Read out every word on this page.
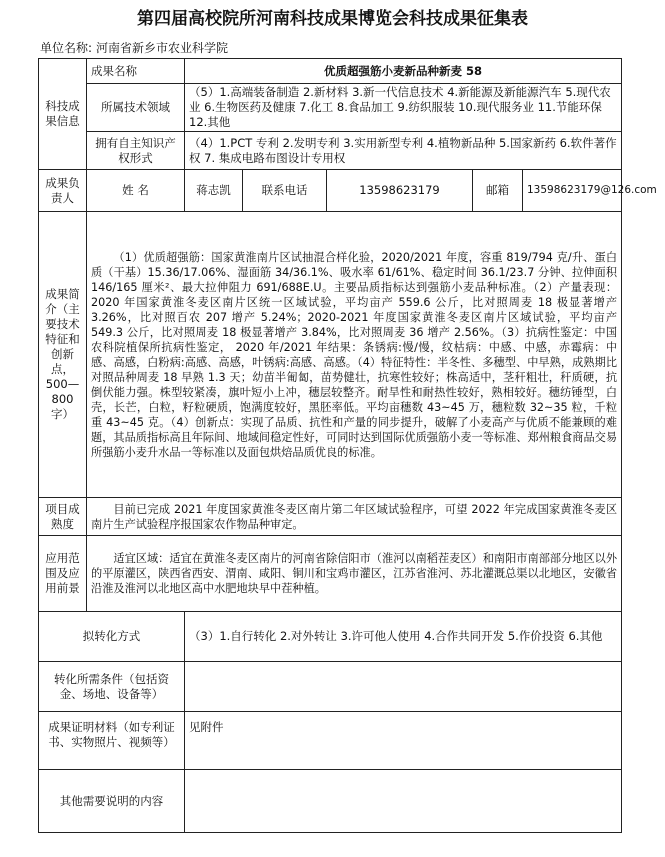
第四届高校院所河南科技成果博览会科技成果征集表
单位名称: 河南省新乡市农业科学院
科技成果信息	成果名称	优质超强筋小麦新品种新麦 58				
	所属技术领域	（5）1.高端装备制造 2.新材料 3.新一代信息技术 4.新能源及新能源汽车 5.现代农业 6.生物医药及健康 7.化工 8.食品加工 9.纺织服装 10.现代服务业 11.节能环保 12.其他				
	拥有自主知识产权形式	（4）1.PCT 专利 2.发明专利 3.实用新型专利 4.植物新品种 5.国家新药 6.软件著作权 7. 集成电路布图设计专用权				
成果负责人	姓 名	蒋志凯	联系电话	13598623179	邮箱	13598623179@126.com
成果简介（主要技术特征和创新点，500—800字）	（1）优质超强筋：国家黄淮南片区试抽混合样化验，2020/2021 年度，容重 819/794 克/升、蛋白质（干基）15.36/17.06%、湿面筋 34/36.1%、吸水率 61/61%、稳定时间 36.1/23.7 分钟、拉伸面积 146/165 厘米²、最大拉伸阻力 691/688E.U。主要品质指标达到强筋小麦品种标准。（2）产量表现：2020 年国家黄淮冬麦区南片区统一区域试验，平均亩产 559.6 公斤，比对照周麦 18 极显著增产 3.26%，比对照百农 207 增产 5.24%；2020-2021 年度国家黄淮冬麦区南片区域试验，平均亩产 549.3 公斤，比对照周麦 18 极显著增产 3.84%，比对照周麦 36 增产 2.56%。（3）抗病性鉴定：中国农科院植保所抗病性鉴定， 2020 年/2021 年结果：条锈病:慢/慢，纹枯病：中感、中感，赤霉病：中感、高感，白粉病:高感、高感，叶锈病:高感、高感。（4）特征特性：半冬性、多穗型、中早熟，成熟期比对照品种周麦 18 早熟 1.3 天；幼苗半匍匐，苗势健壮，抗寒性较好；株高适中，茎秆粗壮，秆质硬，抗倒伏能力强。株型较紧凑，旗叶短小上冲，穗层较整齐。耐旱性和耐热性较好，熟相较好。穗纺锤型，白壳，长芒，白粒，籽粒硬质，饱满度较好，黑胚率低。平均亩穗数 43~45 万，穗粒数 32~35 粒，千粒重 43~45 克。（4）创新点：实现了品质、抗性和产量的同步提升，破解了小麦高产与优质不能兼顾的难题，其品质指标高且年际间、地域间稳定性好，可同时达到国际优质强筋小麦一等标准、郑州粮食商品交易所强筋小麦升水品一等标准以及面包烘焙品质优良的标准。					
项目成熟度	目前已完成 2021 年度国家黄淮冬麦区南片第二年区域试验程序，可望 2022 年完成国家黄淮冬麦区南片生产试验程序报国家农作物品种审定。					
应用范围及应用前景	适宜区域：适宜在黄淮冬麦区南片的河南省除信阳市（淮河以南稻茬麦区）和南阳市南部部分地区以外的平原灌区，陕西省西安、渭南、咸阳、铜川和宝鸡市灌区，江苏省淮河、苏北灌溉总渠以北地区，安徽省沿淮及淮河以北地区高中水肥地块早中茬种植。					
拟转化方式		（3）1.自行转化 2.对外转让 3.许可他人使用 4.合作共同开发 5.作价投资 6.其他				
转化所需条件（包括资金、场地、设备等）						
成果证明材料（如专利证书、实物照片、视频等）		见附件				
其他需要说明的内容						
